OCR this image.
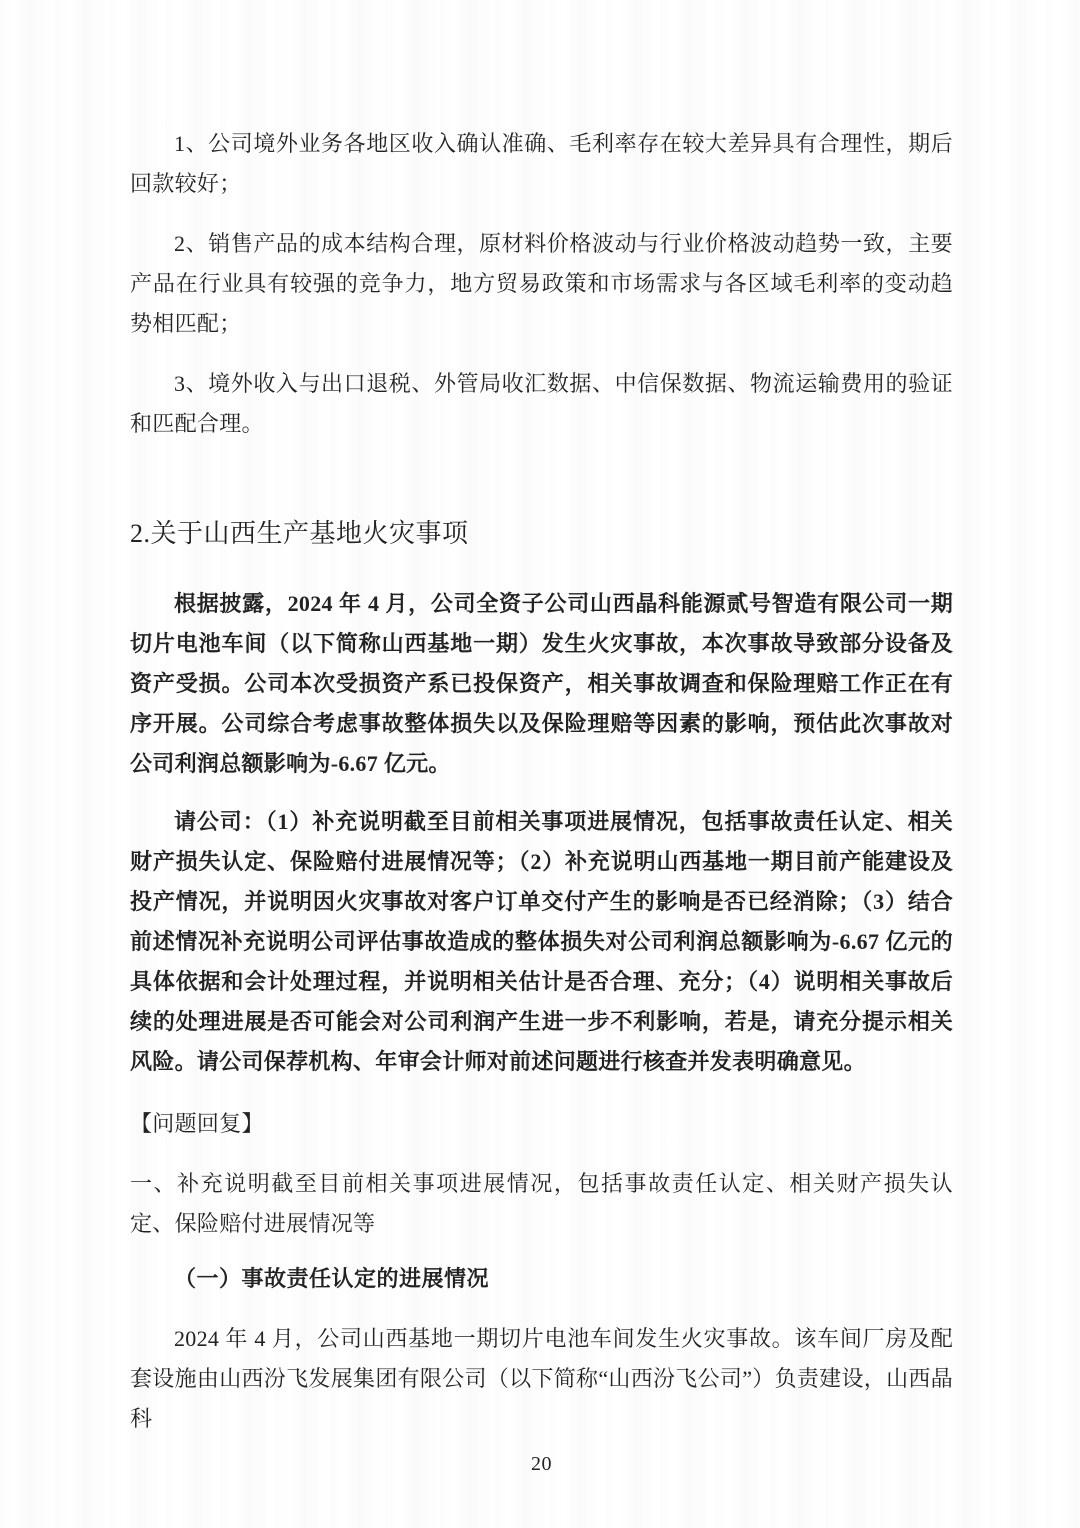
1、公司境外业务各地区收入确认准确、毛利率存在较大差异具有合理性，期后回款较好；

2、销售产品的成本结构合理，原材料价格波动与行业价格波动趋势一致，主要产品在行业具有较强的竞争力，地方贸易政策和市场需求与各区域毛利率的变动趋势相匹配；

3、境外收入与出口退税、外管局收汇数据、中信保数据、物流运输费用的验证和匹配合理。

2.关于山西生产基地火灾事项

根据披露，2024 年 4 月，公司全资子公司山西晶科能源贰号智造有限公司一期切片电池车间（以下简称山西基地一期）发生火灾事故，本次事故导致部分设备及资产受损。公司本次受损资产系已投保资产，相关事故调查和保险理赔工作正在有序开展。公司综合考虑事故整体损失以及保险理赔等因素的影响，预估此次事故对公司利润总额影响为-6.67 亿元。

请公司：（1）补充说明截至目前相关事项进展情况，包括事故责任认定、相关财产损失认定、保险赔付进展情况等；（2）补充说明山西基地一期目前产能建设及投产情况，并说明因火灾事故对客户订单交付产生的影响是否已经消除；（3）结合前述情况补充说明公司评估事故造成的整体损失对公司利润总额影响为-6.67 亿元的具体依据和会计处理过程，并说明相关估计是否合理、充分；（4）说明相关事故后续的处理进展是否可能会对公司利润产生进一步不利影响，若是，请充分提示相关风险。请公司保荐机构、年审会计师对前述问题进行核查并发表明确意见。

【问题回复】

一、补充说明截至目前相关事项进展情况，包括事故责任认定、相关财产损失认定、保险赔付进展情况等

（一）事故责任认定的进展情况

2024 年 4 月，公司山西基地一期切片电池车间发生火灾事故。该车间厂房及配套设施由山西汾飞发展集团有限公司（以下简称“山西汾飞公司”）负责建设，山西晶科

20
